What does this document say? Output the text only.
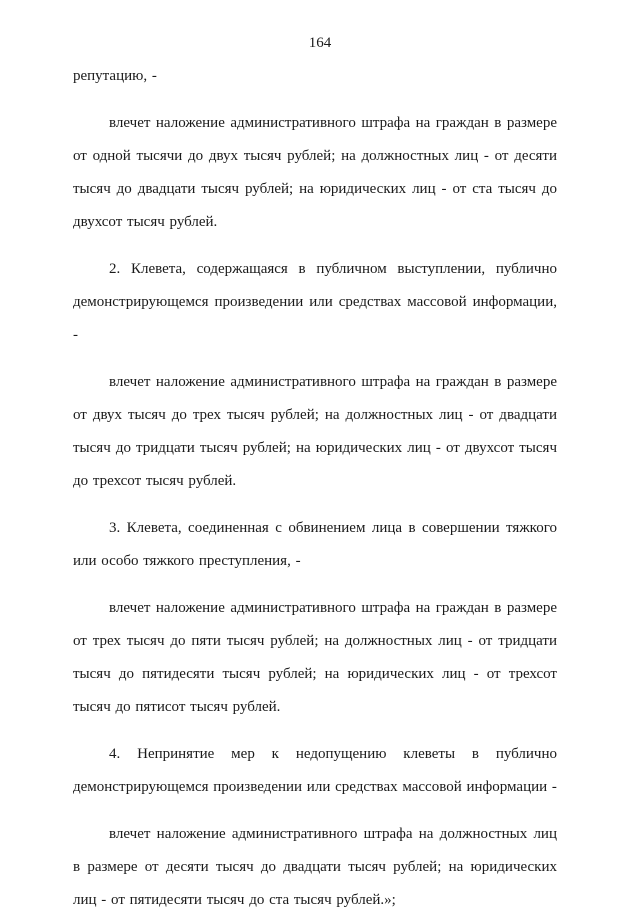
164

репутацию, -

влечет наложение административного штрафа на граждан в размере от одной тысячи до двух тысяч рублей; на должностных лиц - от десяти тысяч до двадцати тысяч рублей; на юридических лиц - от ста тысяч до двухсот тысяч рублей.

2. Клевета, содержащаяся в публичном выступлении, публично демонстрирующемся произведении или средствах массовой информации, -

влечет наложение административного штрафа на граждан в размере от двух тысяч до трех тысяч рублей; на должностных лиц - от двадцати тысяч до тридцати тысяч рублей; на юридических лиц - от двухсот тысяч до трехсот тысяч рублей.

3. Клевета, соединенная с обвинением лица в совершении тяжкого или особо тяжкого преступления, -

влечет наложение административного штрафа на граждан в размере от трех тысяч до пяти тысяч рублей; на должностных лиц - от тридцати тысяч до пятидесяти тысяч рублей; на юридических лиц - от трехсот тысяч до пятисот тысяч рублей.

4. Непринятие мер к недопущению клеветы в публично демонстрирующемся произведении или средствах массовой информации -

влечет наложение административного штрафа на должностных лиц в размере от десяти тысяч до двадцати тысяч рублей; на юридических лиц - от пятидесяти тысяч до ста тысяч рублей.»;
